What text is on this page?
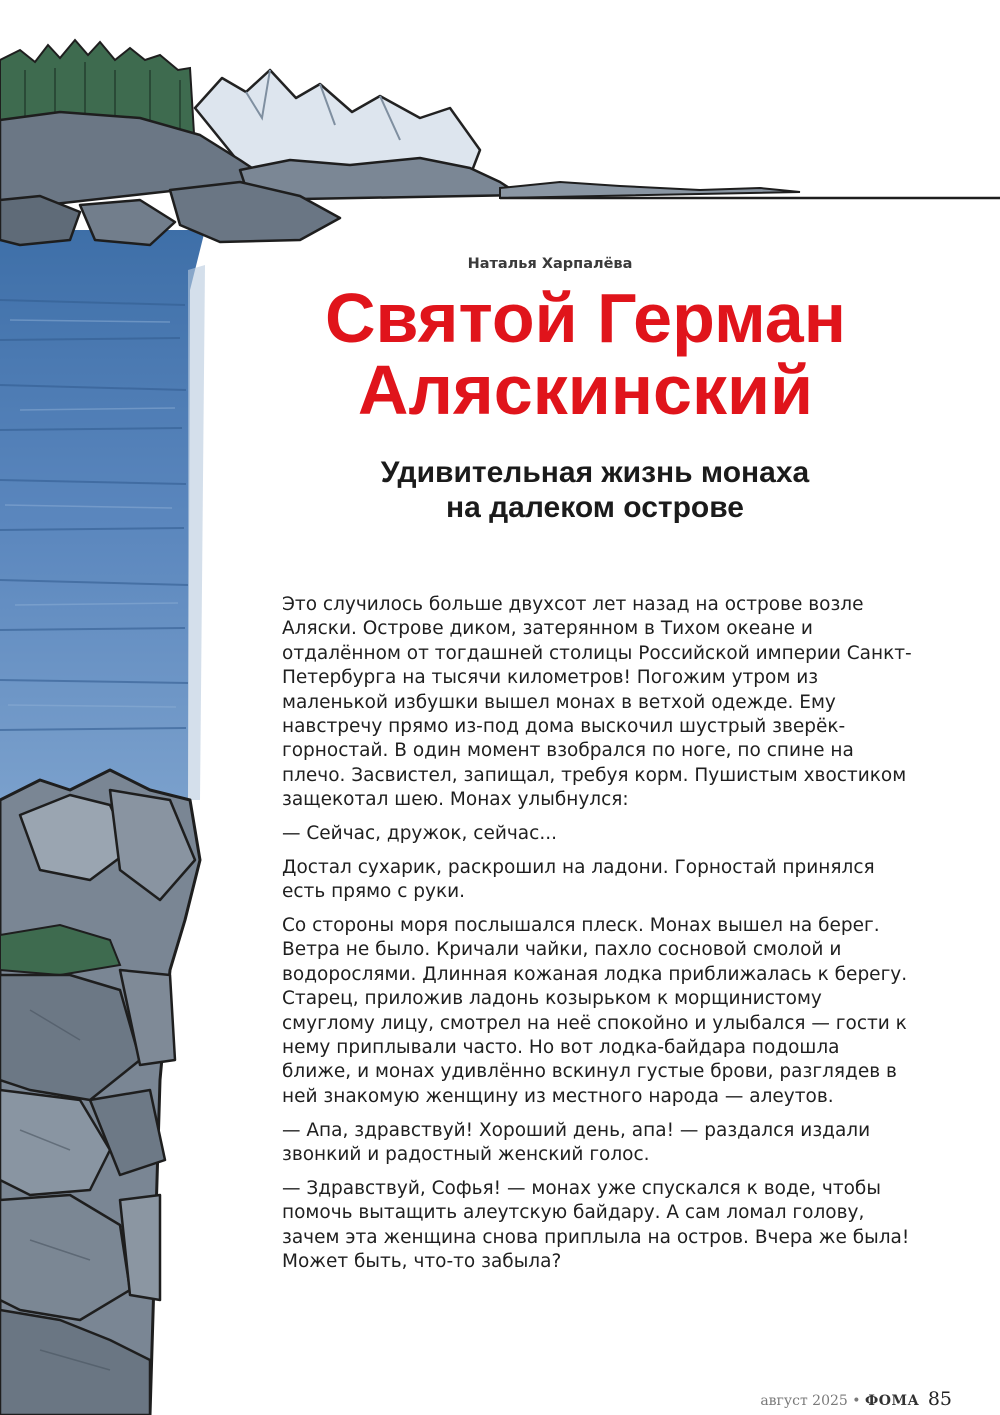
Наталья Харпалёва
Святой Герман
Аляскинский
Удивительная жизнь монаха
на далеком острове

Это случилось больше двухсот лет назад на острове возле Аляски. Острове диком, затерянном в Тихом океане и отдалённом от тогдашней столицы Российской империи Санкт-Петербурга на тысячи километров! Погожим утром из маленькой избушки вышел монах в ветхой одежде. Ему навстречу прямо из-под дома выскочил шустрый зверёк-горностай. В один момент взобрался по ноге, по спине на плечо. Засвистел, запищал, требуя корм. Пушистым хвостиком защекотал шею. Монах улыбнулся:

— Сейчас, дружок, сейчас...

Достал сухарик, раскрошил на ладони. Горностай принялся есть прямо с руки.

Со стороны моря послышался плеск. Монах вышел на берег. Ветра не было. Кричали чайки, пахло сосновой смолой и водорослями. Длинная кожаная лодка приближалась к берегу. Старец, приложив ладонь козырьком к морщинистому смуглому лицу, смотрел на неё спокойно и улыбался — гости к нему приплывали часто. Но вот лодка-байдара подошла ближе, и монах удивлённо вскинул густые брови, разглядев в ней знакомую женщину из местного народа — алеутов.

— Апа, здравствуй! Хороший день, апа! — раздался издали звонкий и радостный женский голос.

— Здравствуй, Софья! — монах уже спускался к воде, чтобы помочь вытащить алеутскую байдару. А сам ломал голову, зачем эта женщина снова приплыла на остров. Вчера же была! Может быть, что-то забыла?

август 2025 • ФОМА 85
